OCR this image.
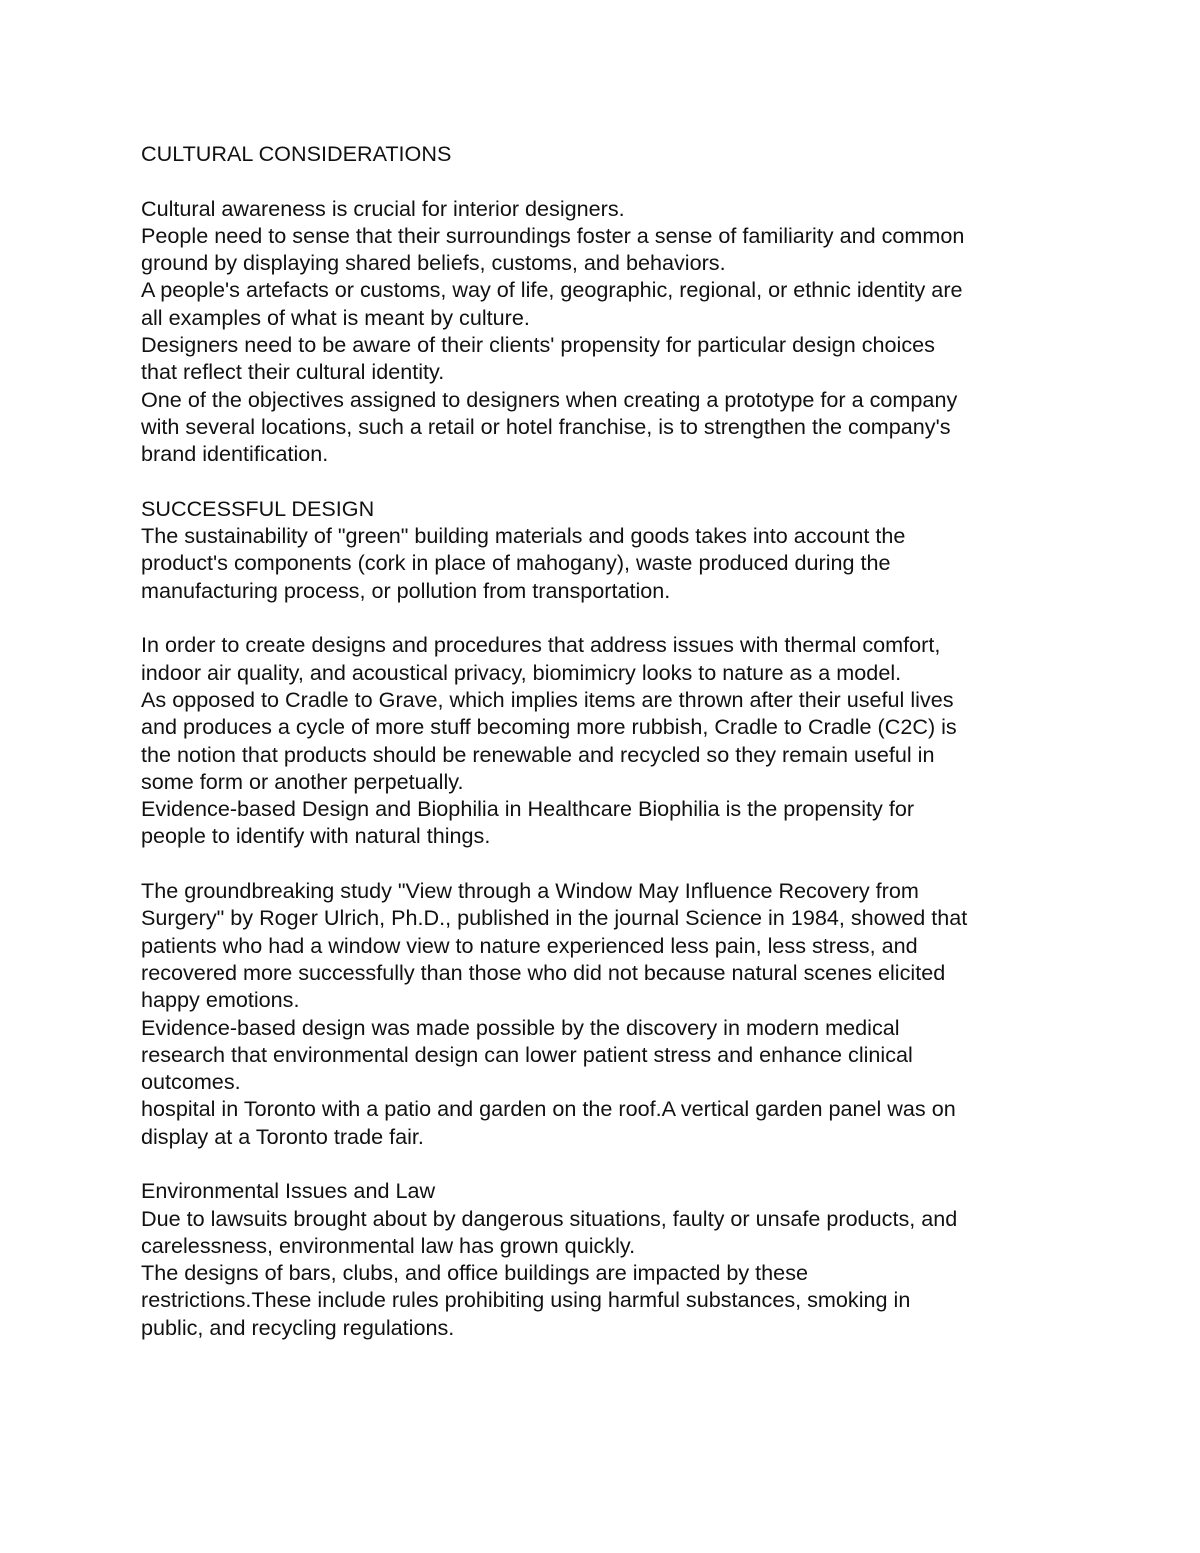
CULTURAL CONSIDERATIONS
Cultural awareness is crucial for interior designers.
People need to sense that their surroundings foster a sense of familiarity and common
ground by displaying shared beliefs, customs, and behaviors.
A people's artefacts or customs, way of life, geographic, regional, or ethnic identity are
all examples of what is meant by culture.
Designers need to be aware of their clients' propensity for particular design choices
that reflect their cultural identity.
One of the objectives assigned to designers when creating a prototype for a company
with several locations, such a retail or hotel franchise, is to strengthen the company's
brand identification.
SUCCESSFUL DESIGN
The sustainability of "green" building materials and goods takes into account the
product's components (cork in place of mahogany), waste produced during the
manufacturing process, or pollution from transportation.
In order to create designs and procedures that address issues with thermal comfort,
indoor air quality, and acoustical privacy, biomimicry looks to nature as a model.
As opposed to Cradle to Grave, which implies items are thrown after their useful lives
and produces a cycle of more stuff becoming more rubbish, Cradle to Cradle (C2C) is
the notion that products should be renewable and recycled so they remain useful in
some form or another perpetually.
Evidence-based Design and Biophilia in Healthcare Biophilia is the propensity for
people to identify with natural things.
The groundbreaking study "View through a Window May Influence Recovery from
Surgery" by Roger Ulrich, Ph.D., published in the journal Science in 1984, showed that
patients who had a window view to nature experienced less pain, less stress, and
recovered more successfully than those who did not because natural scenes elicited
happy emotions.
Evidence-based design was made possible by the discovery in modern medical
research that environmental design can lower patient stress and enhance clinical
outcomes.
hospital in Toronto with a patio and garden on the roof.A vertical garden panel was on
display at a Toronto trade fair.
Environmental Issues and Law
Due to lawsuits brought about by dangerous situations, faulty or unsafe products, and
carelessness, environmental law has grown quickly.
The designs of bars, clubs, and office buildings are impacted by these
restrictions.These include rules prohibiting using harmful substances, smoking in
public, and recycling regulations.
